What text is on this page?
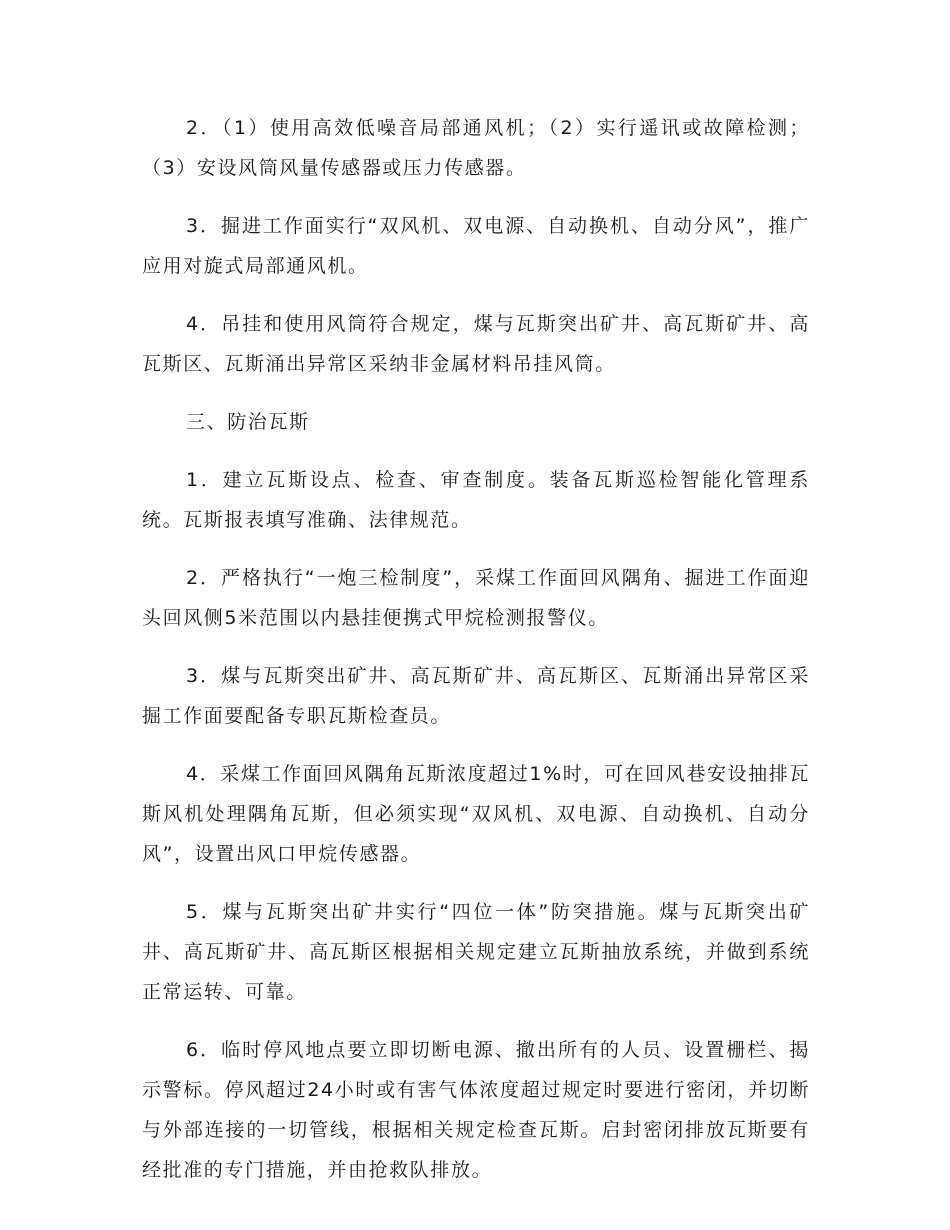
2．（1）使用高效低噪音局部通风机；（2）实行遥讯或故障检测；（3）安设风筒风量传感器或压力传感器。

3．掘进工作面实行“双风机、双电源、自动换机、自动分风”，推广应用对旋式局部通风机。

4．吊挂和使用风筒符合规定，煤与瓦斯突出矿井、高瓦斯矿井、高瓦斯区、瓦斯涌出异常区采纳非金属材料吊挂风筒。

三、防治瓦斯

1．建立瓦斯设点、检查、审查制度。装备瓦斯巡检智能化管理系统。瓦斯报表填写准确、法律规范。

2．严格执行“一炮三检制度”，采煤工作面回风隅角、掘进工作面迎头回风侧5米范围以内悬挂便携式甲烷检测报警仪。

3．煤与瓦斯突出矿井、高瓦斯矿井、高瓦斯区、瓦斯涌出异常区采掘工作面要配备专职瓦斯检查员。

4．采煤工作面回风隅角瓦斯浓度超过1%时，可在回风巷安设抽排瓦斯风机处理隅角瓦斯，但必须实现“双风机、双电源、自动换机、自动分风”，设置出风口甲烷传感器。

5．煤与瓦斯突出矿井实行“四位一体”防突措施。煤与瓦斯突出矿井、高瓦斯矿井、高瓦斯区根据相关规定建立瓦斯抽放系统，并做到系统正常运转、可靠。

6．临时停风地点要立即切断电源、撤出所有的人员、设置栅栏、揭示警标。停风超过24小时或有害气体浓度超过规定时要进行密闭，并切断与外部连接的一切管线，根据相关规定检查瓦斯。启封密闭排放瓦斯要有经批准的专门措施，并由抢救队排放。
